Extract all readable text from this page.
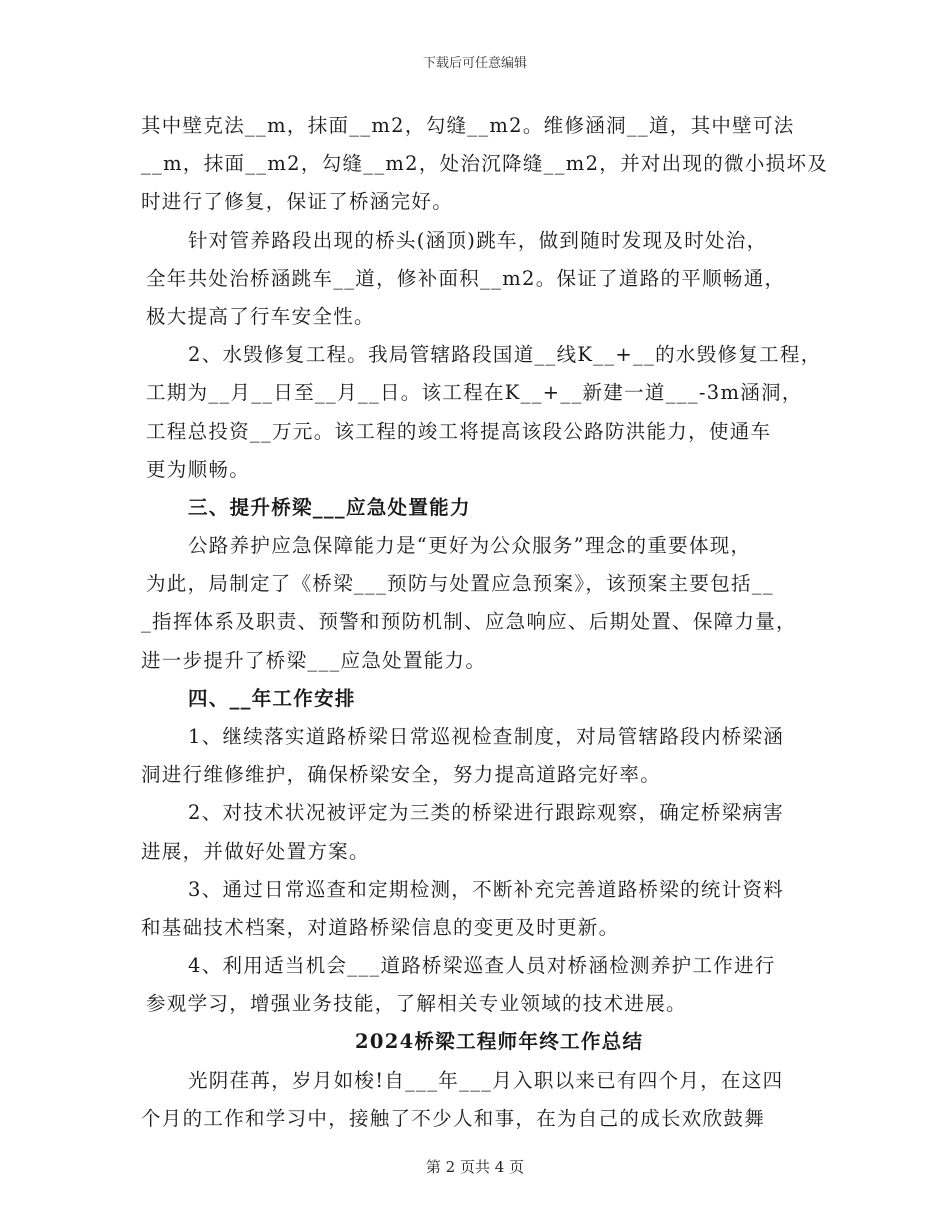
下载后可任意编辑
其中壁克法__m，抹面__m2，勾缝__m2。维修涵洞__道，其中壁可法
__m，抹面__m2，勾缝__m2，处治沉降缝__m2，并对出现的微小损坏及
时进行了修复，保证了桥涵完好。
针对管养路段出现的桥头(涵顶)跳车，做到随时发现及时处治，
全年共处治桥涵跳车__道，修补面积__m2。保证了道路的平顺畅通，
极大提高了行车安全性。
2、水毁修复工程。我局管辖路段国道__线K__+__的水毁修复工程，
工期为__月__日至__月__日。该工程在K__+__新建一道___-3m涵洞，
工程总投资__万元。该工程的竣工将提高该段公路防洪能力，使通车
更为顺畅。
三、提升桥梁___应急处置能力
公路养护应急保障能力是“更好为公众服务”理念的重要体现，
为此，局制定了《桥梁___预防与处置应急预案》，该预案主要包括__
_指挥体系及职责、预警和预防机制、应急响应、后期处置、保障力量，
进一步提升了桥梁___应急处置能力。
四、__年工作安排
1、继续落实道路桥梁日常巡视检查制度，对局管辖路段内桥梁涵
洞进行维修维护，确保桥梁安全，努力提高道路完好率。
2、对技术状况被评定为三类的桥梁进行跟踪观察，确定桥梁病害
进展，并做好处置方案。
3、通过日常巡查和定期检测，不断补充完善道路桥梁的统计资料
和基础技术档案，对道路桥梁信息的变更及时更新。
4、利用适当机会___道路桥梁巡查人员对桥涵检测养护工作进行
参观学习，增强业务技能，了解相关专业领域的技术进展。
2024桥梁工程师年终工作总结
光阴荏苒，岁月如梭!自___年___月入职以来已有四个月，在这四
个月的工作和学习中，接触了不少人和事，在为自己的成长欢欣鼓舞
第 2 页共 4 页
